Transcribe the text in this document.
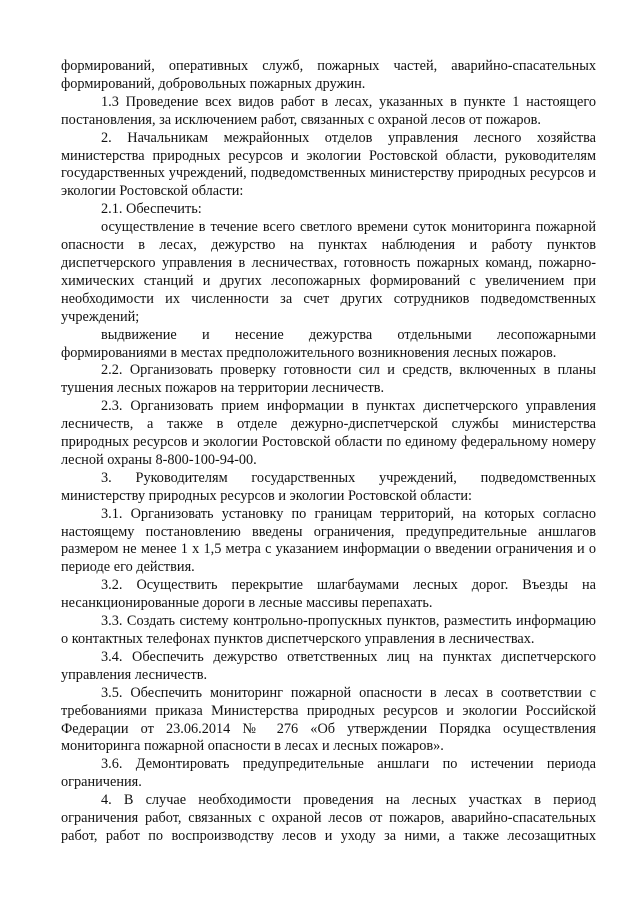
формирований, оперативных служб, пожарных частей, аварийно-спасательных формирований, добровольных пожарных дружин.

1.3 Проведение всех видов работ в лесах, указанных в пункте 1 настоящего постановления, за исключением работ, связанных с охраной лесов от пожаров.

2. Начальникам межрайонных отделов управления лесного хозяйства министерства природных ресурсов и экологии Ростовской области, руководителям государственных учреждений, подведомственных министерству природных ресурсов и экологии Ростовской области:

2.1. Обеспечить:

осуществление в течение всего светлого времени суток мониторинга пожарной опасности в лесах, дежурство на пунктах наблюдения и работу пунктов диспетчерского управления в лесничествах, готовность пожарных команд, пожарно-химических станций и других лесопожарных формирований с увеличением при необходимости их численности за счет других сотрудников подведомственных учреждений;

выдвижение и несение дежурства отдельными лесопожарными формированиями в местах предположительного возникновения лесных пожаров.

2.2. Организовать проверку готовности сил и средств, включенных в планы тушения лесных пожаров на территории лесничеств.

2.3. Организовать прием информации в пунктах диспетчерского управления лесничеств, а также в отделе дежурно-диспетчерской службы министерства природных ресурсов и экологии Ростовской области по единому федеральному номеру лесной охраны 8-800-100-94-00.

3. Руководителям государственных учреждений, подведомственных министерству природных ресурсов и экологии Ростовской области:

3.1. Организовать установку по границам территорий, на которых согласно настоящему постановлению введены ограничения, предупредительные аншлагов размером не менее 1 х 1,5 метра с указанием информации о введении ограничения и о периоде его действия.

3.2. Осуществить перекрытие шлагбаумами лесных дорог. Въезды на несанкционированные дороги в лесные массивы перепахать.

3.3. Создать систему контрольно-пропускных пунктов, разместить информацию о контактных телефонах пунктов диспетчерского управления в лесничествах.

3.4. Обеспечить дежурство ответственных лиц на пунктах диспетчерского управления лесничеств.

3.5. Обеспечить мониторинг пожарной опасности в лесах в соответствии с требованиями приказа Министерства природных ресурсов и экологии Российской Федерации от 23.06.2014 № 276 «Об утверждении Порядка осуществления мониторинга пожарной опасности в лесах и лесных пожаров».

3.6. Демонтировать предупредительные аншлаги по истечении периода ограничения.

4. В случае необходимости проведения на лесных участках в период ограничения работ, связанных с охраной лесов от пожаров, аварийно-спасательных работ, работ по воспроизводству лесов и уходу за ними, а также лесозащитных
